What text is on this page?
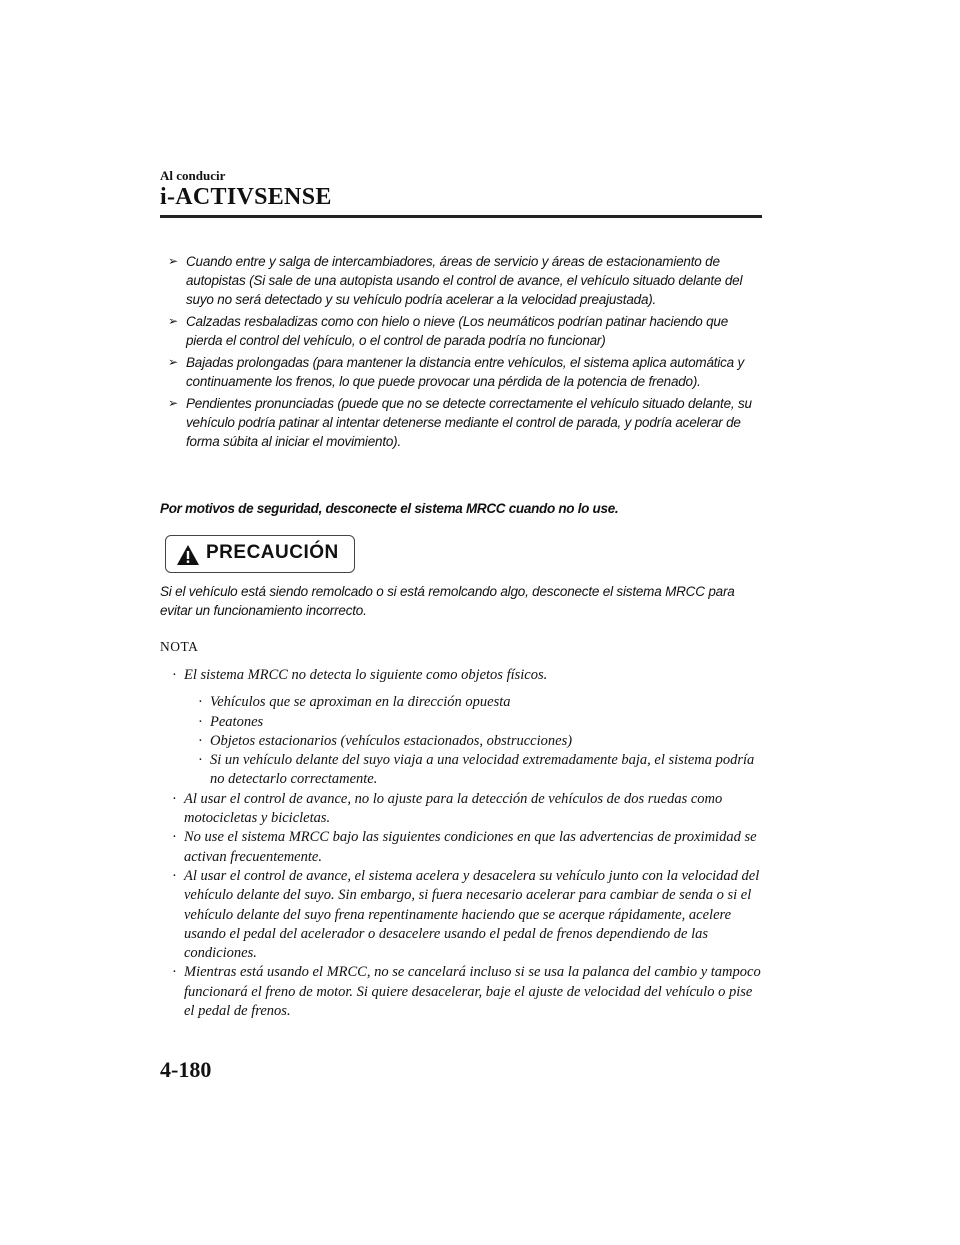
Al conducir
i-ACTIVSENSE
➢ Cuando entre y salga de intercambiadores, áreas de servicio y áreas de estacionamiento de autopistas (Si sale de una autopista usando el control de avance, el vehículo situado delante del suyo no será detectado y su vehículo podría acelerar a la velocidad preajustada).
➢ Calzadas resbaladizas como con hielo o nieve (Los neumáticos podrían patinar haciendo que pierda el control del vehículo, o el control de parada podría no funcionar)
➢ Bajadas prolongadas (para mantener la distancia entre vehículos, el sistema aplica automática y continuamente los frenos, lo que puede provocar una pérdida de la potencia de frenado).
➢ Pendientes pronunciadas (puede que no se detecte correctamente el vehículo situado delante, su vehículo podría patinar al intentar detenerse mediante el control de parada, y podría acelerar de forma súbita al iniciar el movimiento).
Por motivos de seguridad, desconecte el sistema MRCC cuando no lo use.
PRECAUCIÓN
Si el vehículo está siendo remolcado o si está remolcando algo, desconecte el sistema MRCC para evitar un funcionamiento incorrecto.
NOTA
· El sistema MRCC no detecta lo siguiente como objetos físicos.
· Vehículos que se aproximan en la dirección opuesta
· Peatones
· Objetos estacionarios (vehículos estacionados, obstrucciones)
· Si un vehículo delante del suyo viaja a una velocidad extremadamente baja, el sistema podría no detectarlo correctamente.
· Al usar el control de avance, no lo ajuste para la detección de vehículos de dos ruedas como motocicletas y bicicletas.
· No use el sistema MRCC bajo las siguientes condiciones en que las advertencias de proximidad se activan frecuentemente.
· Al usar el control de avance, el sistema acelera y desacelera su vehículo junto con la velocidad del vehículo delante del suyo. Sin embargo, si fuera necesario acelerar para cambiar de senda o si el vehículo delante del suyo frena repentinamente haciendo que se acerque rápidamente, acelere usando el pedal del acelerador o desacelere usando el pedal de frenos dependiendo de las condiciones.
· Mientras está usando el MRCC, no se cancelará incluso si se usa la palanca del cambio y tampoco funcionará el freno de motor. Si quiere desacelerar, baje el ajuste de velocidad del vehículo o pise el pedal de frenos.
4-180
